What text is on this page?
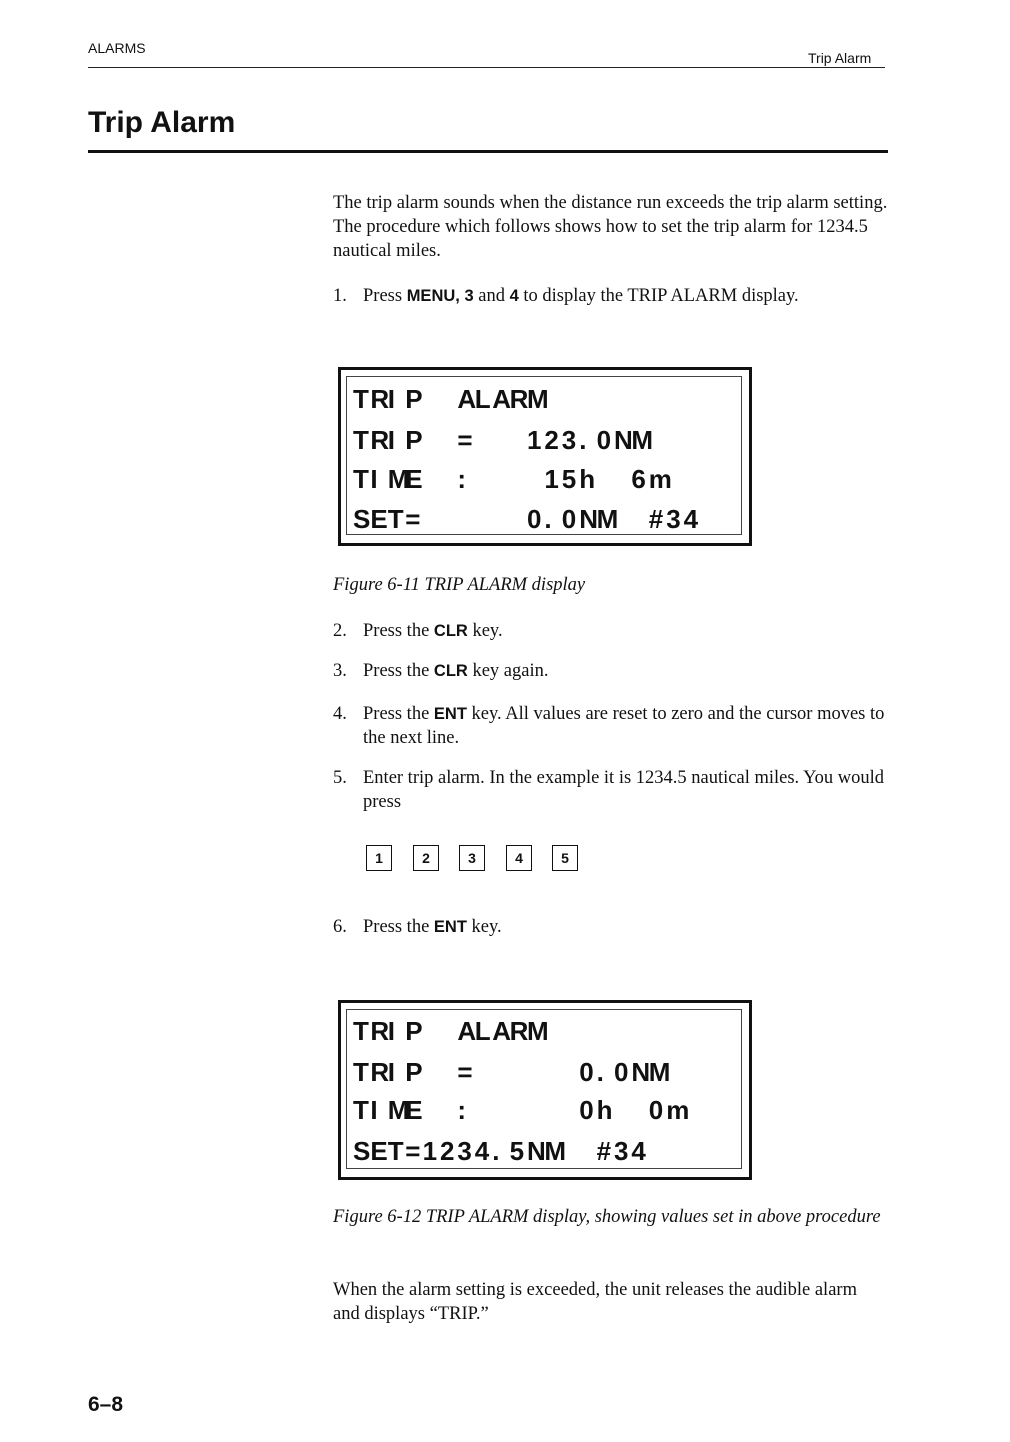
ALARMS
Trip Alarm
Trip Alarm
The trip alarm sounds when the distance run exceeds the trip alarm setting. The procedure which follows shows how to set the trip alarm for 1234.5 nautical miles.
1. Press MENU, 3 and 4 to display the TRIP ALARM display.
T R
I P A
L A
R
M
T R
I P = 1 2 3 . 0 N
M
T I M
E :	1 5 h 6 m
S E T =	0 . 0 N
M # 3 4
Figure 6-11 TRIP ALARM display
2. Press the CLR key.
3. Press the CLR key again.
4. Press the ENT key. All values are reset to zero and the cursor moves to the next line.
5. Enter trip alarm. In the example it is 1234.5 nautical miles. You would press
1	2	3	4	5
6. Press the ENT key.
T R
I P A
L A
R
M
T R
I P =	0 . 0 N
M
T I M
E :	0 h 0 m
S E T = 1 2 3 4 . 5 N
M # 3 4
Figure 6-12 TRIP ALARM display, showing values set in above procedure
When the alarm setting is exceeded, the unit releases the audible alarm and displays “TRIP.”
6–8
